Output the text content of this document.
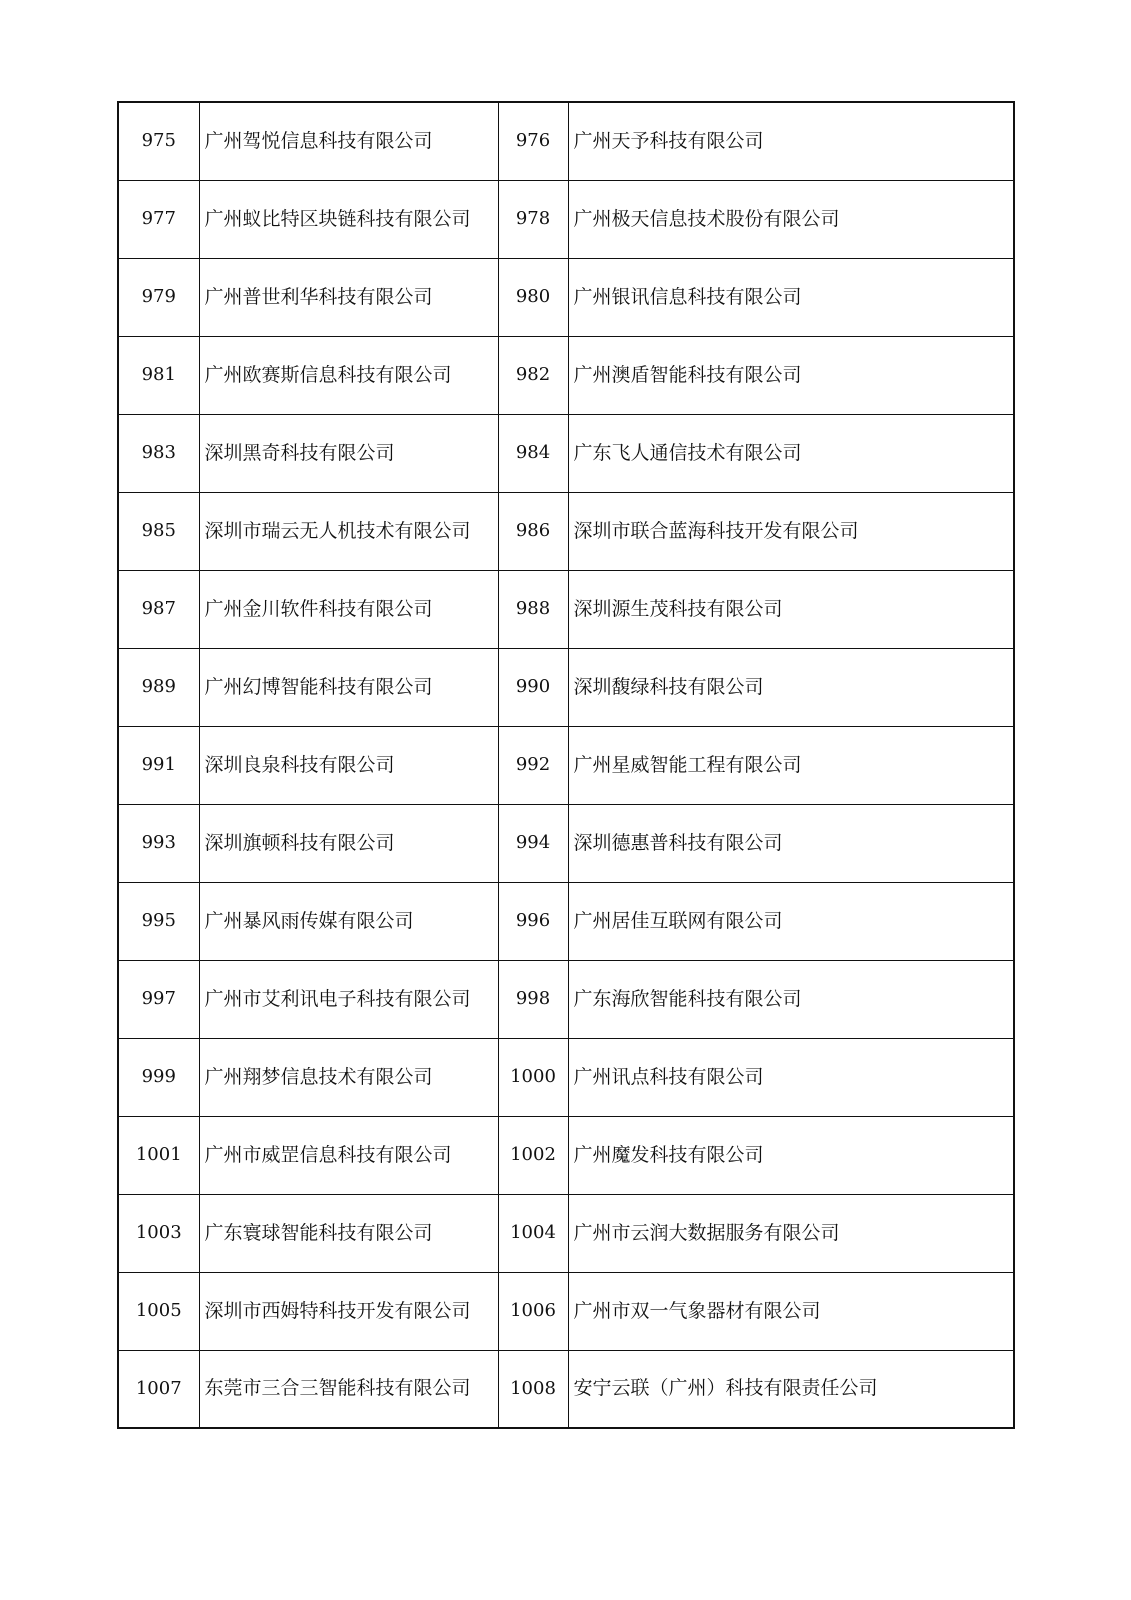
975	广州驾悦信息科技有限公司	976	广州天予科技有限公司
977	广州蚁比特区块链科技有限公司	978	广州极天信息技术股份有限公司
979	广州普世利华科技有限公司	980	广州银讯信息科技有限公司
981	广州欧赛斯信息科技有限公司	982	广州澳盾智能科技有限公司
983	深圳黑奇科技有限公司	984	广东飞人通信技术有限公司
985	深圳市瑞云无人机技术有限公司	986	深圳市联合蓝海科技开发有限公司
987	广州金川软件科技有限公司	988	深圳源生茂科技有限公司
989	广州幻博智能科技有限公司	990	深圳馥绿科技有限公司
991	深圳良泉科技有限公司	992	广州星威智能工程有限公司
993	深圳旗顿科技有限公司	994	深圳德惠普科技有限公司
995	广州暴风雨传媒有限公司	996	广州居佳互联网有限公司
997	广州市艾利讯电子科技有限公司	998	广东海欣智能科技有限公司
999	广州翔梦信息技术有限公司	1000	广州讯点科技有限公司
1001	广州市威罡信息科技有限公司	1002	广州魔发科技有限公司
1003	广东寰球智能科技有限公司	1004	广州市云润大数据服务有限公司
1005	深圳市西姆特科技开发有限公司	1006	广州市双一气象器材有限公司
1007	东莞市三合三智能科技有限公司	1008	安宁云联（广州）科技有限责任公司
